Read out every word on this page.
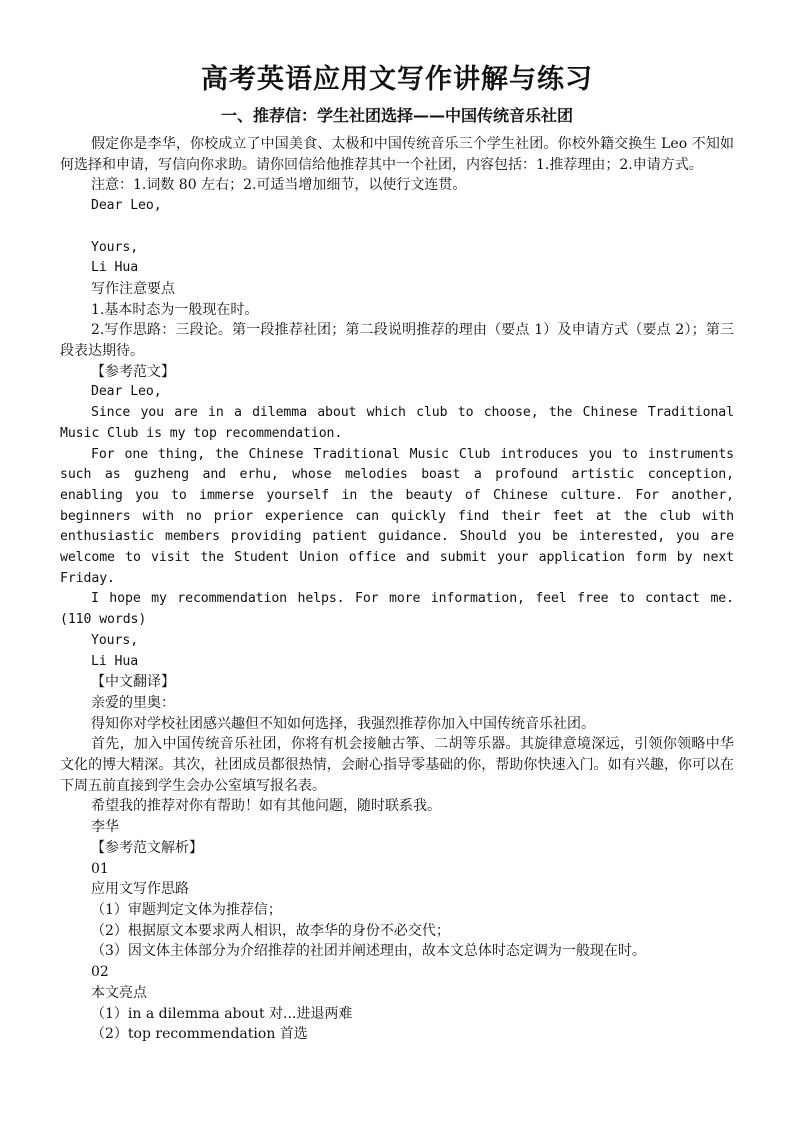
高考英语应用文写作讲解与练习
一、推荐信：学生社团选择——中国传统音乐社团

假定你是李华，你校成立了中国美食、太极和中国传统音乐三个学生社团。你校外籍交换生 Leo 不知如何选择和申请，写信向你求助。请你回信给他推荐其中一个社团，内容包括：1.推荐理由；2.申请方式。

注意：1.词数 80 左右；2.可适当增加细节，以使行文连贯。

Dear Leo,

Yours,

Li Hua

写作注意要点

1.基本时态为一般现在时。

2.写作思路：三段论。第一段推荐社团；第二段说明推荐的理由（要点 1）及申请方式（要点 2）；第三段表达期待。

【参考范文】

Dear Leo,

Since you are in a dilemma about which club to choose, the Chinese Traditional Music Club is my top recommendation.

For one thing, the Chinese Traditional Music Club introduces you to instruments such as guzheng and erhu, whose melodies boast a profound artistic conception, enabling you to immerse yourself in the beauty of Chinese culture. For another, beginners with no prior experience can quickly find their feet at the club with enthusiastic members providing patient guidance. Should you be interested, you are welcome to visit the Student Union office and submit your application form by next Friday.

I hope my recommendation helps. For more information, feel free to contact me. (110 words)

Yours,

Li Hua

【中文翻译】

亲爱的里奥：

得知你对学校社团感兴趣但不知如何选择，我强烈推荐你加入中国传统音乐社团。

首先，加入中国传统音乐社团，你将有机会接触古筝、二胡等乐器。其旋律意境深远，引领你领略中华文化的博大精深。其次，社团成员都很热情，会耐心指导零基础的你，帮助你快速入门。如有兴趣，你可以在下周五前直接到学生会办公室填写报名表。

希望我的推荐对你有帮助！如有其他问题，随时联系我。

李华

【参考范文解析】

01

应用文写作思路

（1）审题判定文体为推荐信；

（2）根据原文本要求两人相识，故李华的身份不必交代；

（3）因文体主体部分为介绍推荐的社团并阐述理由，故本文总体时态定调为一般现在时。

02

本文亮点

（1）in a dilemma about 对...进退两难

（2）top recommendation 首选
